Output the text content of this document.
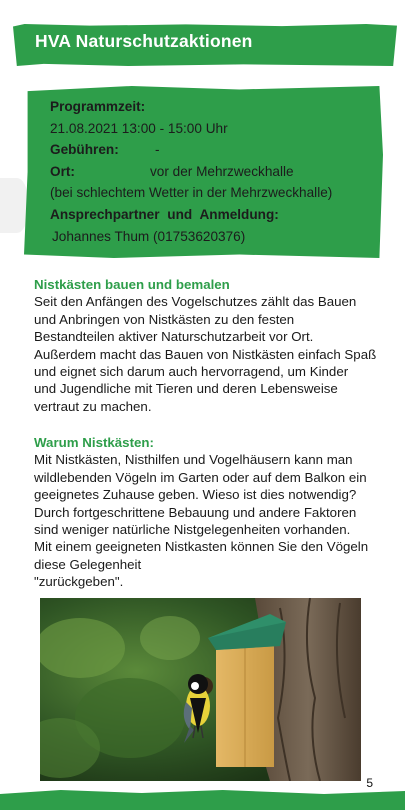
HVA Naturschutzaktionen
Programmzeit:
21.08.2021 13:00 - 15:00 Uhr
Gebühren:	-
Ort:	vor der Mehrzweckhalle
(bei schlechtem Wetter in der Mehrzweckhalle)
Ansprechpartner und Anmeldung:
Johannes Thum (01753620376)

Nistkästen bauen und bemalen

Seit den Anfängen des Vogelschutzes zählt das Bauen

und Anbringen von Nistkästen zu den festen

Bestandteilen aktiver Naturschutzarbeit vor Ort.

Außerdem macht das Bauen von Nistkästen einfach Spaß

und eignet sich darum auch hervorragend, um Kinder

und Jugendliche mit Tieren und deren Lebensweise

vertraut zu machen.

Warum Nistkästen:

Mit Nistkästen, Nisthilfen und Vogelhäusern kann man

wildlebenden Vögeln im Garten oder auf dem Balkon ein

geeignetes Zuhause geben. Wieso ist dies notwendig?

Durch fortgeschrittene Bebauung und andere Faktoren

sind weniger natürliche Nistgelegenheiten vorhanden.

Mit einem geeigneten Nistkasten können Sie den Vögeln

diese Gelegenheit

"zurückgeben".

5
